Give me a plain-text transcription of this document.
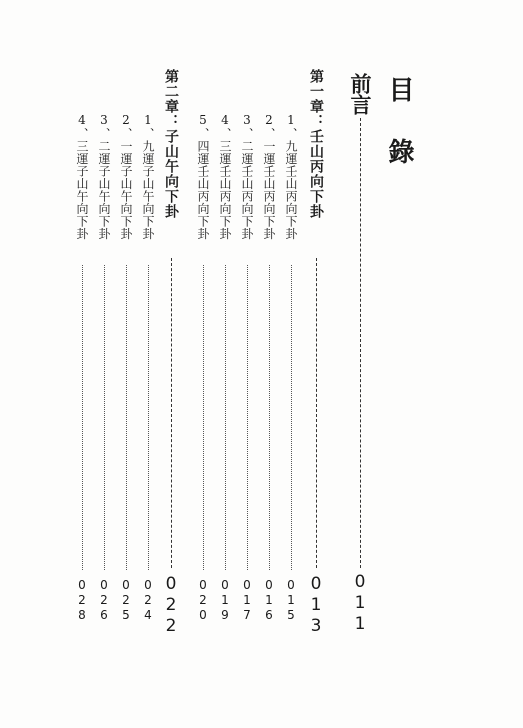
目錄
前言
011
第一章：壬山丙向下卦
013
1、九運壬山丙向下卦
015
2、一運壬山丙向下卦
016
3、二運壬山丙向下卦
017
4、三運壬山丙向下卦
019
5、四運壬山丙向下卦
020
第二章：子山午向下卦
022
1、九運子山午向下卦
024
2、一運子山午向下卦
025
3、二運子山午向下卦
026
4、三運子山午向下卦
028
